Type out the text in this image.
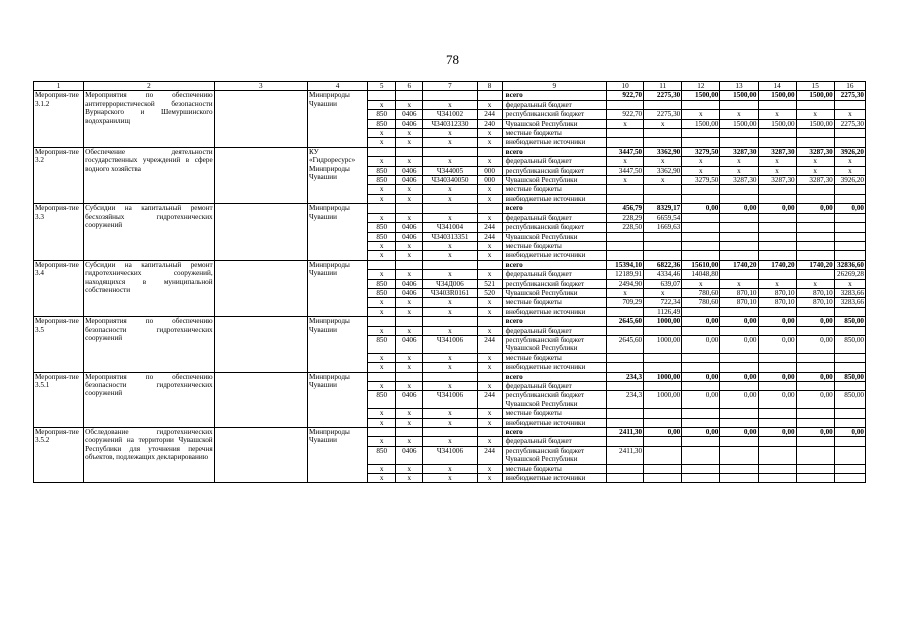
78
1	2	3	4	5	6	7	8	9	10	11	12	13	14	15	16
Мероприя-тие 3.1.2	Мероприятия по обеспечению антитеррористической безопасности Вурнарского и Шемуршинского водохранилищ		Минприроды Чувашии					всего	922,70	2275,30	1500,00	1500,00	1500,00	1500,00	2275,30
				х	х	х	х	федеральный бюджет							
				850	0406	Ч341002	244	республиканский бюджет	922,70	2275,30	х	х	х	х	х
				850	0406	Ч340312330	240	Чувашской Республики	х	х	1500,00	1500,00	1500,00	1500,00	2275,30
				х	х	х	х	местные бюджеты							
				х	х	х	х	внебюджетные источники							
Мероприя-тие 3.2	Обеспечение деятельности государственных учреждений в сфере водного хозяйства		КУ «Гидроресурс» Минприроды Чувашии					всего	3447,50	3362,90	3279,50	3287,30	3287,30	3287,30	3926,20
				х	х	х	х	федеральный бюджет	х	х	х	х	х	х	х
				850	0406	Ч344005	000	республиканский бюджет	3447,50	3362,90	х	х	х	х	х
				850	0406	Ч340340050	000	Чувашской Республики	х	х	3279,50	3287,30	3287,30	3287,30	3926,20
				х	х	х	х	местные бюджеты							
				х	х	х	х	внебюджетные источники							
Мероприя-тие 3.3	Субсидии на капитальный ремонт бесхозяйных гидротехнических сооружений		Минприроды Чувашии					всего	456,79	8329,17	0,00	0,00	0,00	0,00	0,00
				х	х	х	х	федеральный бюджет	228,29	6659,54					
				850	0406	Ч341004	244	республиканский бюджет	228,50	1669,63					
				850	0406	Ч340313351	244	Чувашской Республики							
				х	х	х	х	местные бюджеты							
				х	х	х	х	внебюджетные источники							
Мероприя-тие 3.4	Субсидии на капитальный ремонт гидротехнических сооружений, находящихся в муниципальной собственности		Минприроды Чувашии					всего	15394,10	6822,36	15610,00	1740,20	1740,20	1740,20	32836,60
				х	х	х	х	федеральный бюджет	12189,91	4334,46	14048,80				26269,28
				850	0406	Ч34Д006	521	республиканский бюджет	2494,90	639,07	х	х	х	х	х
				850	0406	Ч340ЗR0161	520	Чувашской Республики	х	х	780,60	870,10	870,10	870,10	3283,66
				х	х	х	х	местные бюджеты	709,29	722,34	780,60	870,10	870,10	870,10	3283,66
				х	х	х	х	внебюджетные источники		1126,49					
Мероприя-тие 3.5	Мероприятия по обеспечению безопасности гидротехнических сооружений		Минприроды Чувашии					всего	2645,60	1000,00	0,00	0,00	0,00	0,00	850,00
				х	х	х	х	федеральный бюджет							
				850	0406	Ч341006	244	республиканский бюджет Чувашской Республики	2645,60	1000,00	0,00	0,00	0,00	0,00	850,00
				х	х	х	х	местные бюджеты							
				х	х	х	х	внебюджетные источники							
Мероприя-тие 3.5.1	Мероприятия по обеспечению безопасности гидротехнических сооружений		Минприроды Чувашии					всего	234,3	1000,00	0,00	0,00	0,00	0,00	850,00
				х	х	х	х	федеральный бюджет							
				850	0406	Ч341006	244	республиканский бюджет Чувашской Республики	234,3	1000,00	0,00	0,00	0,00	0,00	850,00
				х	х	х	х	местные бюджеты							
				х	х	х	х	внебюджетные источники							
Мероприя-тие 3.5.2	Обследование гидротехнических сооружений на территории Чувашской Республики для уточнения перечня объектов, подлежащих декларированию		Минприроды Чувашии					всего	2411,30	0,00	0,00	0,00	0,00	0,00	0,00
				х	х	х	х	федеральный бюджет							
				850	0406	Ч341006	244	республиканский бюджет Чувашской Республики	2411,30						
				х	х	х	х	местные бюджеты							
				х	х	х	х	внебюджетные источники							
